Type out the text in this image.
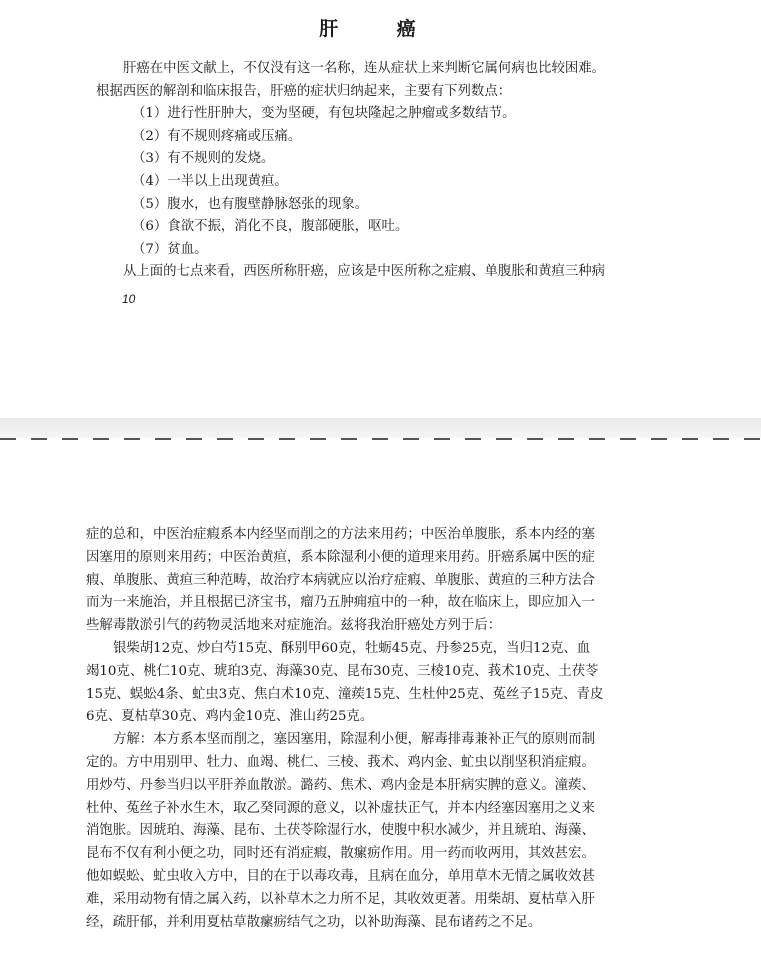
肝 癌

肝癌在中医文献上，不仅没有这一名称，连从症状上来判断它属何病也比较困难。

根据西医的解剖和临床报告，肝癌的症状归纳起来，主要有下列数点：

（1）进行性肝肿大，变为坚硬，有包块隆起之肿瘤或多数结节。

（2）有不规则疼痛或压痛。

（3）有不规则的发烧。

（4）一半以上出现黄疸。

（5）腹水，也有腹壁静脉怒张的现象。

（6）食欲不振，消化不良，腹部硬胀，呕吐。

（7）贫血。

从上面的七点来看，西医所称肝癌，应该是中医所称之症瘕、单腹胀和黄疸三种病

10

症的总和，中医治症瘕系本内经坚而削之的方法来用药；中医治单腹胀，系本内经的塞

因塞用的原则来用药；中医治黄疸，系本除湿利小便的道理来用药。肝癌系属中医的症

瘕、单腹胀、黄疸三种范畴，故治疗本病就应以治疗症瘕、单腹胀、黄疸的三种方法合

而为一来施治，并且根据已济宝书，瘤乃五肿痈疽中的一种，故在临床上，即应加入一

些解毒散淤引气的药物灵活地来对症施治。兹将我治肝癌处方列于后：

银柴胡12克、炒白芍15克、酥别甲60克，牡蛎45克、丹参25克，当归12克、血

竭10克、桃仁10克、琥珀3克、海藻30克、昆布30克、三棱10克、莪术10克、土茯苓

15克、蜈蚣4条、虻虫3克、焦白术10克、潼蒺15克、生杜仲25克、菟丝子15克、青皮

6克、夏枯草30克、鸡内金10克、淮山药25克。

方解：本方系本坚而削之，塞因塞用，除湿利小便，解毒排毒兼补正气的原则而制

定的。方中用别甲、牡力、血竭、桃仁、三棱、莪术、鸡内金、虻虫以削坚积消症瘕。

用炒芍、丹参当归以平肝养血散淤。潞药、焦术、鸡内金是本肝病实脾的意义。潼蒺、

杜仲、菟丝子补水生木，取乙癸同源的意义，以补虚扶正气，并本内经塞因塞用之义来

消饱胀。因琥珀、海藻、昆布、土茯苓除湿行水，使腹中积水减少，并且琥珀、海藻、

昆布不仅有利小便之功，同时还有消症瘕，散瘰疬作用。用一药而收两用，其效甚宏。

他如蜈蚣、虻虫收入方中，目的在于以毒攻毒，且病在血分，单用草木无情之属收效甚

难，采用动物有情之属入药，以补草木之力所不足，其收效更著。用柴胡、夏枯草入肝

经，疏肝郁，并利用夏枯草散瘰疬结气之功，以补助海藻、昆布诸药之不足。
